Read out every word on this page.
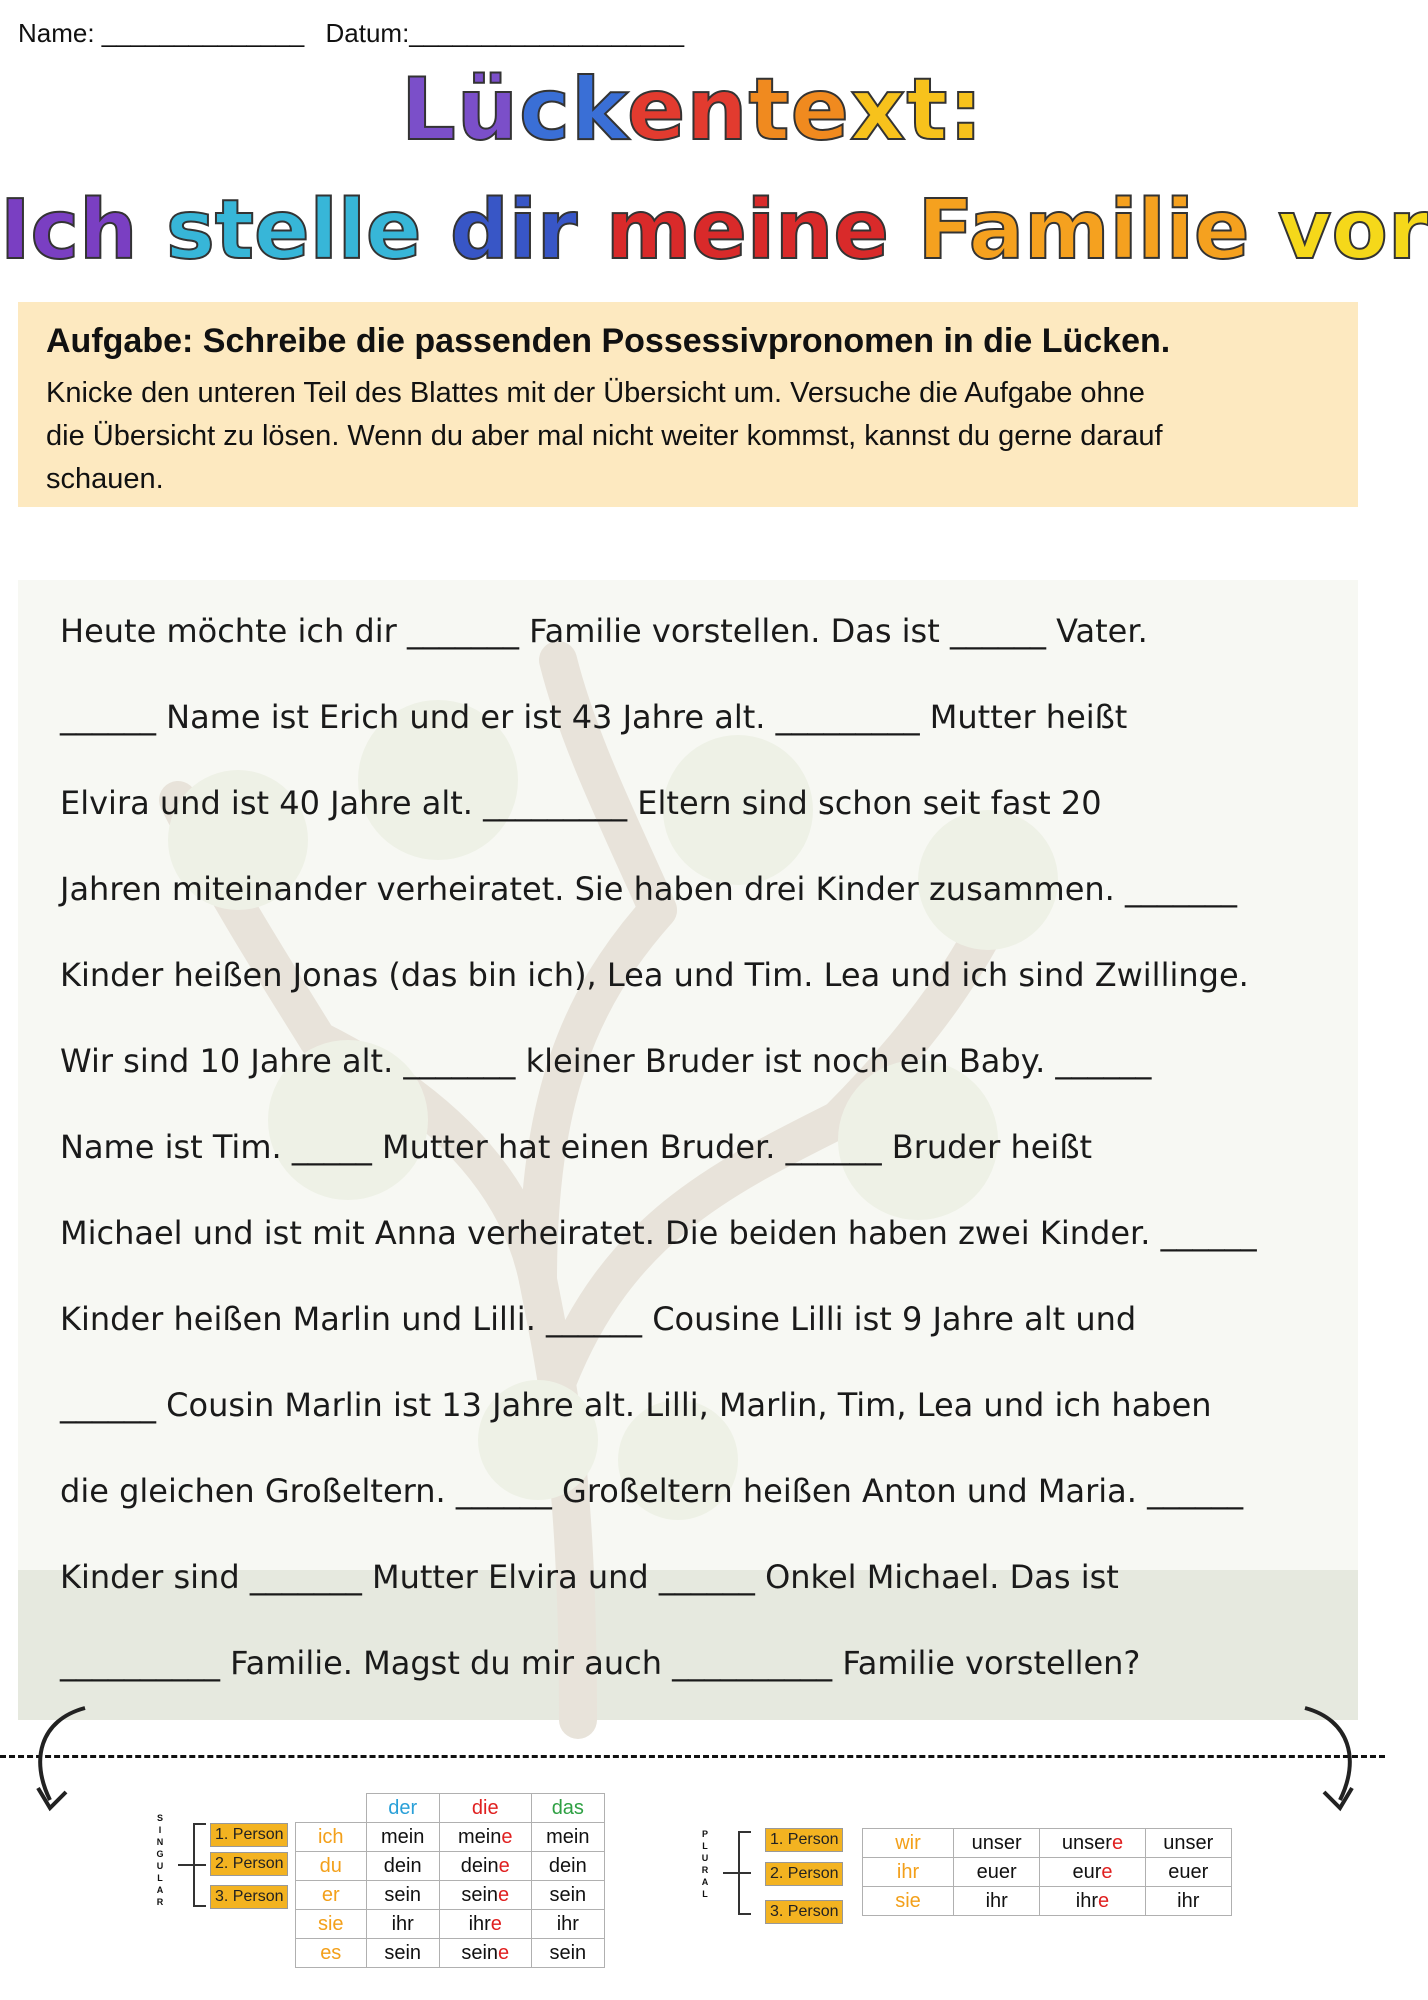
Name: ______________ Datum:___________________
Lückentext:
Ich stelle dir meine Familie vor
Aufgabe: Schreibe die passenden Possessivpronomen in die Lücken.
Knicke den unteren Teil des Blattes mit der Übersicht um. Versuche die Aufgabe ohne
die Übersicht zu lösen. Wenn du aber mal nicht weiter kommst, kannst du gerne darauf
schauen.
Heute möchte ich dir _______ Familie vorstellen. Das ist ______ Vater.
______ Name ist Erich und er ist 43 Jahre alt. _________ Mutter heißt
Elvira und ist 40 Jahre alt. _________ Eltern sind schon seit fast 20
Jahren miteinander verheiratet. Sie haben drei Kinder zusammen. _______
Kinder heißen Jonas (das bin ich), Lea und Tim. Lea und ich sind Zwillinge.
Wir sind 10 Jahre alt. _______ kleiner Bruder ist noch ein Baby. ______
Name ist Tim. _____ Mutter hat einen Bruder. ______ Bruder heißt
Michael und ist mit Anna verheiratet. Die beiden haben zwei Kinder. ______
Kinder heißen Marlin und Lilli. ______ Cousine Lilli ist 9 Jahre alt und
______ Cousin Marlin ist 13 Jahre alt. Lilli, Marlin, Tim, Lea und ich haben
die gleichen Großeltern. ______ Großeltern heißen Anton und Maria. ______
Kinder sind _______ Mutter Elvira und ______ Onkel Michael. Das ist
__________ Familie. Magst du mir auch __________ Familie vorstellen?
S
I
N
G
U
L
A
R
1. Person
2. Person
3. Person
	der	die	das
ich	mein	meine	mein
du	dein	deine	dein
er	sein	seine	sein
sie	ihr	ihre	ihr
es	sein	seine	sein
P
L
U
R
A
L
1. Person
2. Person
3. Person
wir	unser	unsere	unser
ihr	euer	eure	euer
sie	ihr	ihre	ihr
